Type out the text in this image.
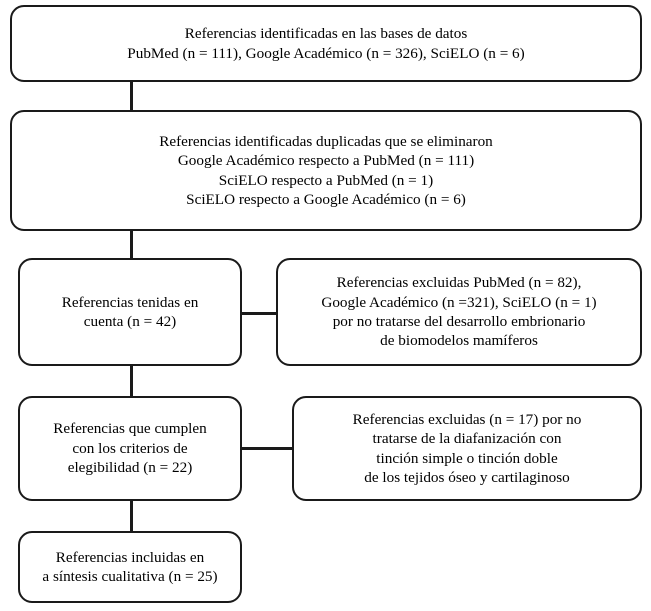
Referencias identificadas en las bases de datos
PubMed (n = 111), Google Académico (n = 326), SciELO (n = 6)
Referencias identificadas duplicadas que se eliminaron
Google Académico respecto a PubMed (n = 111)
SciELO respecto a PubMed (n = 1)
SciELO respecto a Google Académico (n = 6)
Referencias tenidas en
cuenta (n = 42)
Referencias excluidas PubMed (n = 82),
Google Académico (n =321), SciELO (n = 1)
por no tratarse del desarrollo embrionario
de biomodelos mamíferos
Referencias que cumplen
con los criterios de
elegibilidad (n = 22)
Referencias excluidas (n = 17) por no
tratarse de la diafanización con
tinción simple o tinción doble
de los tejidos óseo y cartilaginoso
Referencias incluidas en
a síntesis cualitativa (n = 25)
